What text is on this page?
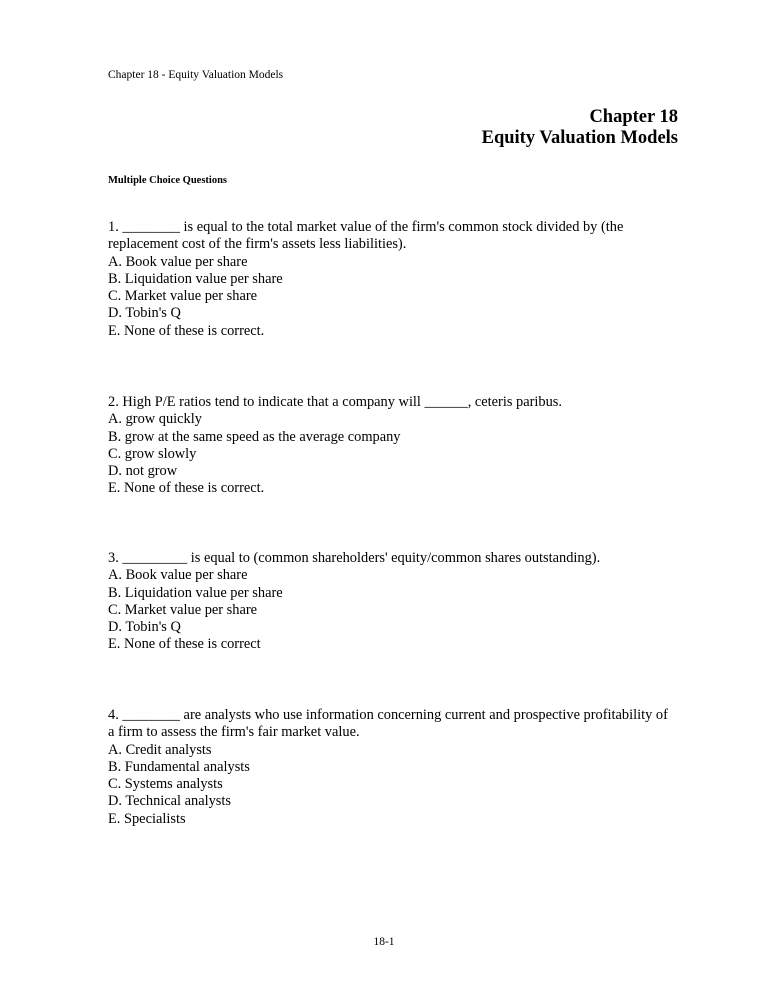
Chapter 18 - Equity Valuation Models
Chapter 18
Equity Valuation Models
Multiple Choice Questions

1. ________ is equal to the total market value of the firm's common stock divided by (the replacement cost of the firm's assets less liabilities).

A. Book value per share
B. Liquidation value per share
C. Market value per share
D. Tobin's Q
E. None of these is correct.

2. High P/E ratios tend to indicate that a company will ______, ceteris paribus.

A. grow quickly
B. grow at the same speed as the average company
C. grow slowly
D. not grow
E. None of these is correct.

3. _________ is equal to (common shareholders' equity/common shares outstanding).

A. Book value per share
B. Liquidation value per share
C. Market value per share
D. Tobin's Q
E. None of these is correct

4. ________ are analysts who use information concerning current and prospective profitability of a firm to assess the firm's fair market value.

A. Credit analysts
B. Fundamental analysts
C. Systems analysts
D. Technical analysts
E. Specialists
18-1
